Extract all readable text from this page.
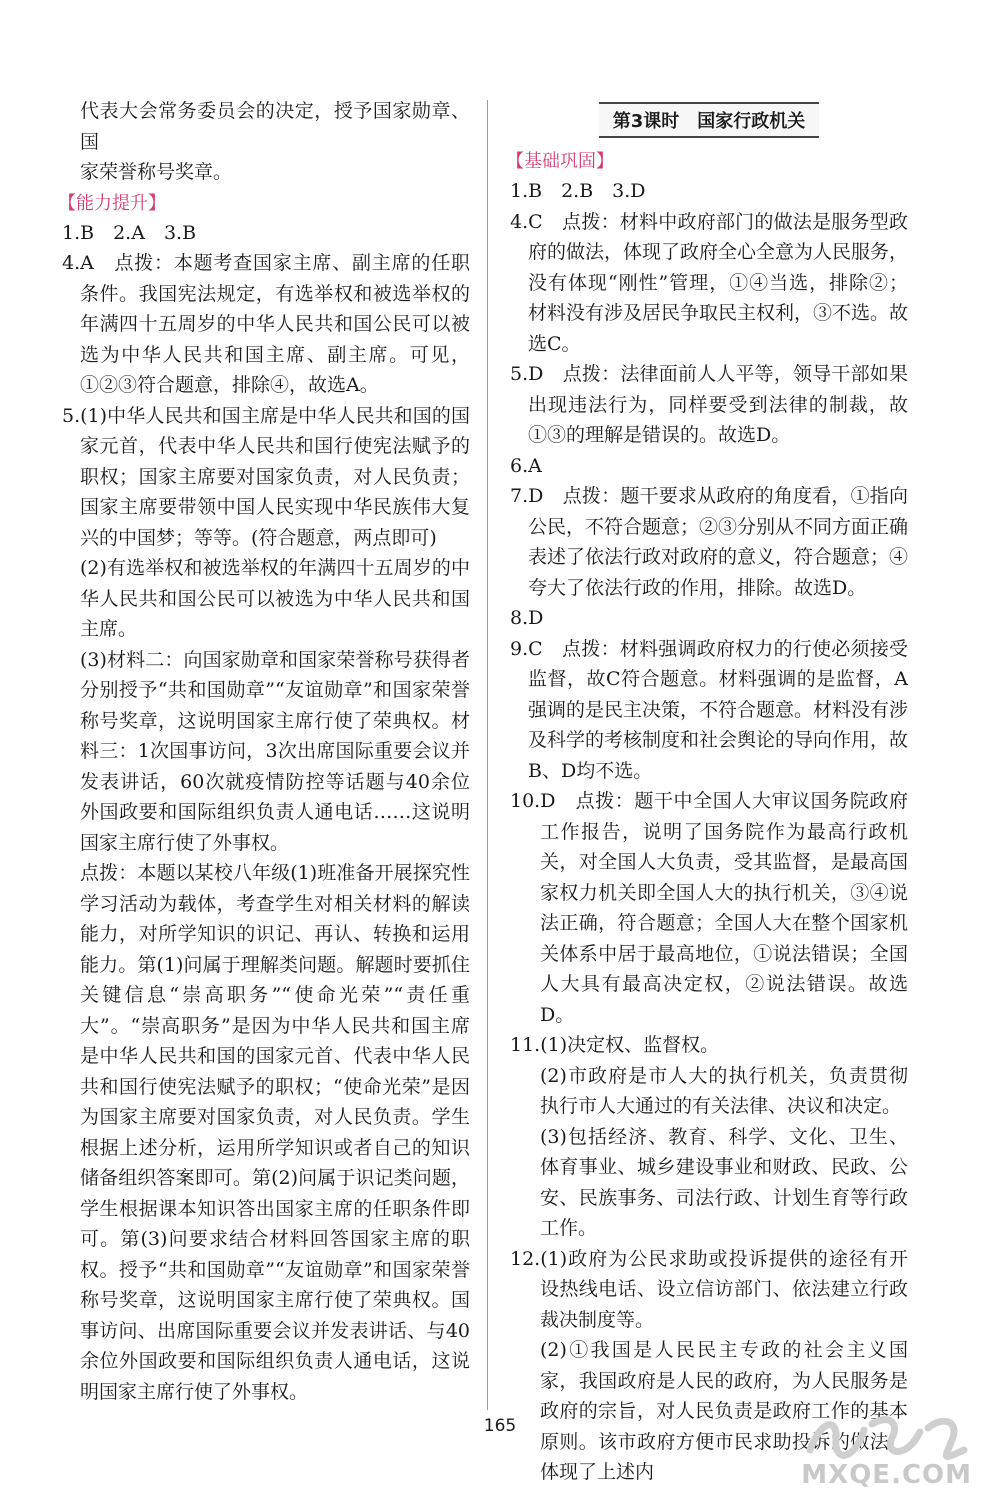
代表大会常务委员会的决定，授予国家勋章、国

家荣誉称号奖章。

【能力提升】

1.B　2.A　3.B

4.A　点拨：本题考查国家主席、副主席的任职条件。我国宪法规定，有选举权和被选举权的年满四十五周岁的中华人民共和国公民可以被选为中华人民共和国主席、副主席。可见，①②③符合题意，排除④，故选A。

5.(1)中华人民共和国主席是中华人民共和国的国家元首，代表中华人民共和国行使宪法赋予的职权；国家主席要对国家负责，对人民负责；国家主席要带领中国人民实现中华民族伟大复兴的中国梦；等等。(符合题意，两点即可)

(2)有选举权和被选举权的年满四十五周岁的中华人民共和国公民可以被选为中华人民共和国主席。

(3)材料二：向国家勋章和国家荣誉称号获得者分别授予“共和国勋章”“友谊勋章”和国家荣誉称号奖章，这说明国家主席行使了荣典权。材料三：1次国事访问，3次出席国际重要会议并发表讲话，60次就疫情防控等话题与40余位外国政要和国际组织负责人通电话……这说明国家主席行使了外事权。

点拨：本题以某校八年级(1)班准备开展探究性学习活动为载体，考查学生对相关材料的解读能力，对所学知识的识记、再认、转换和运用能力。第(1)问属于理解类问题。解题时要抓住关键信息“崇高职务”“使命光荣”“责任重大”。“崇高职务”是因为中华人民共和国主席是中华人民共和国的国家元首、代表中华人民共和国行使宪法赋予的职权；“使命光荣”是因为国家主席要对国家负责，对人民负责。学生根据上述分析，运用所学知识或者自己的知识储备组织答案即可。第(2)问属于识记类问题，学生根据课本知识答出国家主席的任职条件即可。第(3)问要求结合材料回答国家主席的职权。授予“共和国勋章”“友谊勋章”和国家荣誉称号奖章，这说明国家主席行使了荣典权。国事访问、出席国际重要会议并发表讲话、与40余位外国政要和国际组织负责人通电话，这说明国家主席行使了外事权。

第3课时　国家行政机关
【基础巩固】

1.B　2.B　3.D

4.C　点拨：材料中政府部门的做法是服务型政府的做法，体现了政府全心全意为人民服务，没有体现“刚性”管理，①④当选，排除②；材料没有涉及居民争取民主权利，③不选。故选C。

5.D　点拨：法律面前人人平等，领导干部如果出现违法行为，同样要受到法律的制裁，故①③的理解是错误的。故选D。

6.A

7.D　点拨：题干要求从政府的角度看，①指向公民，不符合题意；②③分别从不同方面正确表述了依法行政对政府的意义，符合题意；④夸大了依法行政的作用，排除。故选D。

8.D

9.C　点拨：材料强调政府权力的行使必须接受监督，故C符合题意。材料强调的是监督，A强调的是民主决策，不符合题意。材料没有涉及科学的考核制度和社会舆论的导向作用，故B、D均不选。

10.D　点拨：题干中全国人大审议国务院政府工作报告，说明了国务院作为最高行政机关，对全国人大负责，受其监督，是最高国家权力机关即全国人大的执行机关，③④说法正确，符合题意；全国人大在整个国家机关体系中居于最高地位，①说法错误；全国人大具有最高决定权，②说法错误。故选D。

11.(1)决定权、监督权。

(2)市政府是市人大的执行机关，负责贯彻执行市人大通过的有关法律、决议和决定。

(3)包括经济、教育、科学、文化、卫生、体育事业、城乡建设事业和财政、民政、公安、民族事务、司法行政、计划生育等行政工作。

12.(1)政府为公民求助或投诉提供的途径有开设热线电话、设立信访部门、依法建立行政裁决制度等。

(2)①我国是人民民主专政的社会主义国家，我国政府是人民的政府，为人民服务是政府的宗旨，对人民负责是政府工作的基本原则。该市政府方便市民求助投诉的做法，体现了上述内

165
MXQE.COM
